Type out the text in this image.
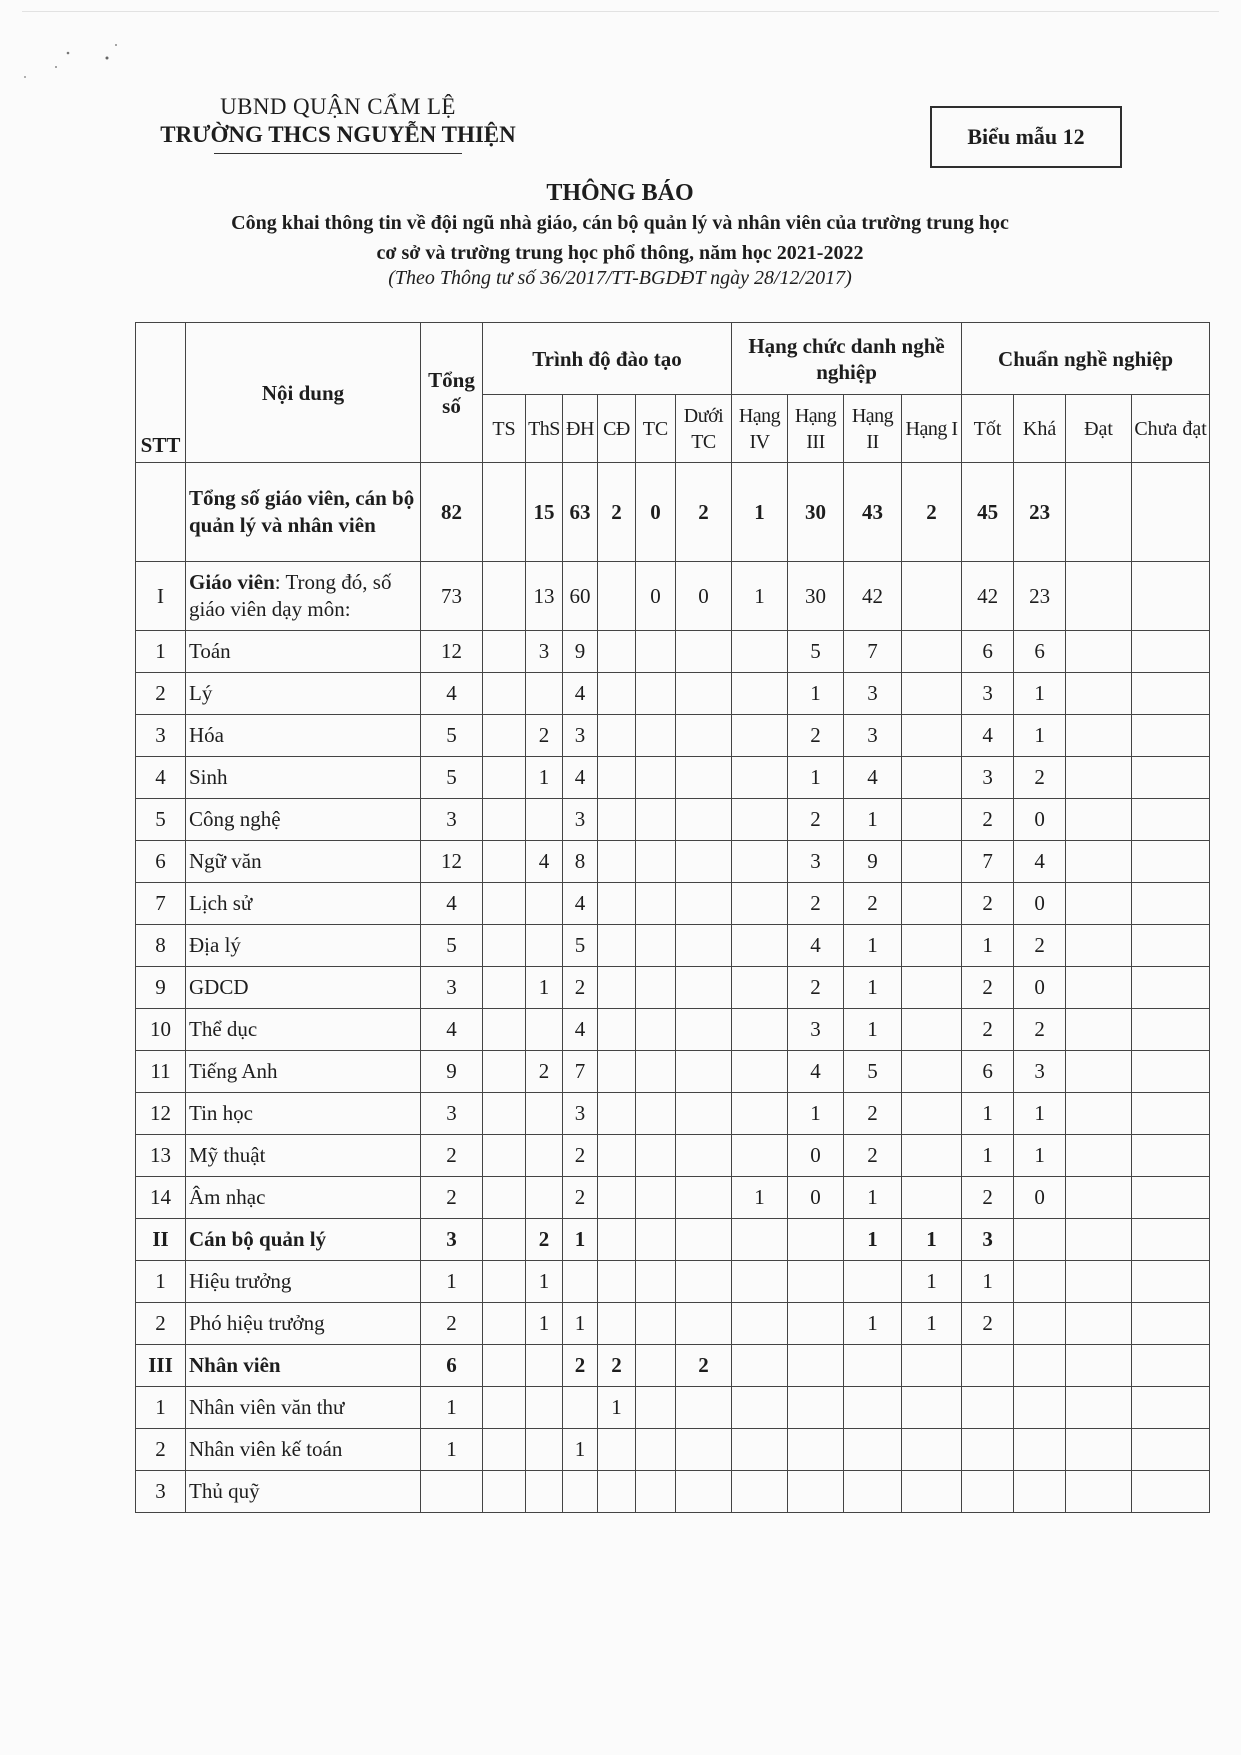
UBND QUẬN CẨM LỆ
TRƯỜNG THCS NGUYỄN THIỆN	Biểu mẫu 12
THÔNG BÁO
Công khai thông tin về đội ngũ nhà giáo, cán bộ quản lý và nhân viên của trường trung học
cơ sở và trường trung học phổ thông, năm học 2021-2022
(Theo Thông tư số 36/2017/TT-BGDĐT ngày 28/12/2017)
STT	Nội dung	Tổng số	Trình độ đào tạo						Hạng chức danh nghề nghiệp				Chuẩn nghề nghiệp			
			TS	ThS	ĐH	CĐ	TC	Dưới TC	Hạng IV	Hạng III	Hạng II	Hạng I	Tốt	Khá	Đạt	Chưa đạt
	Tổng số giáo viên, cán bộ quản lý và nhân viên	82		15	63	2	0	2	1	30	43	2	45	23		
I	Giáo viên: Trong đó, số giáo viên dạy môn:	73		13	60		0	0	1	30	42		42	23		
1	Toán	12		3	9					5	7		6	6		
2	Lý	4			4					1	3		3	1		
3	Hóa	5		2	3					2	3		4	1		
4	Sinh	5		1	4					1	4		3	2		
5	Công nghệ	3			3					2	1		2	0		
6	Ngữ văn	12		4	8					3	9		7	4		
7	Lịch sử	4			4					2	2		2	0		
8	Địa lý	5			5					4	1		1	2		
9	GDCD	3		1	2					2	1		2	0		
10	Thể dục	4			4					3	1		2	2		
11	Tiếng Anh	9		2	7					4	5		6	3		
12	Tin học	3			3					1	2		1	1		
13	Mỹ thuật	2			2					0	2		1	1		
14	Âm nhạc	2			2				1	0	1		2	0		
II	Cán bộ quản lý	3		2	1						1	1	3			
1	Hiệu trưởng	1		1								1	1			
2	Phó hiệu trưởng	2		1	1						1	1	2			
III	Nhân viên	6			2	2		2								
1	Nhân viên văn thư	1				1										
2	Nhân viên kế toán	1			1											
3	Thủ quỹ															
